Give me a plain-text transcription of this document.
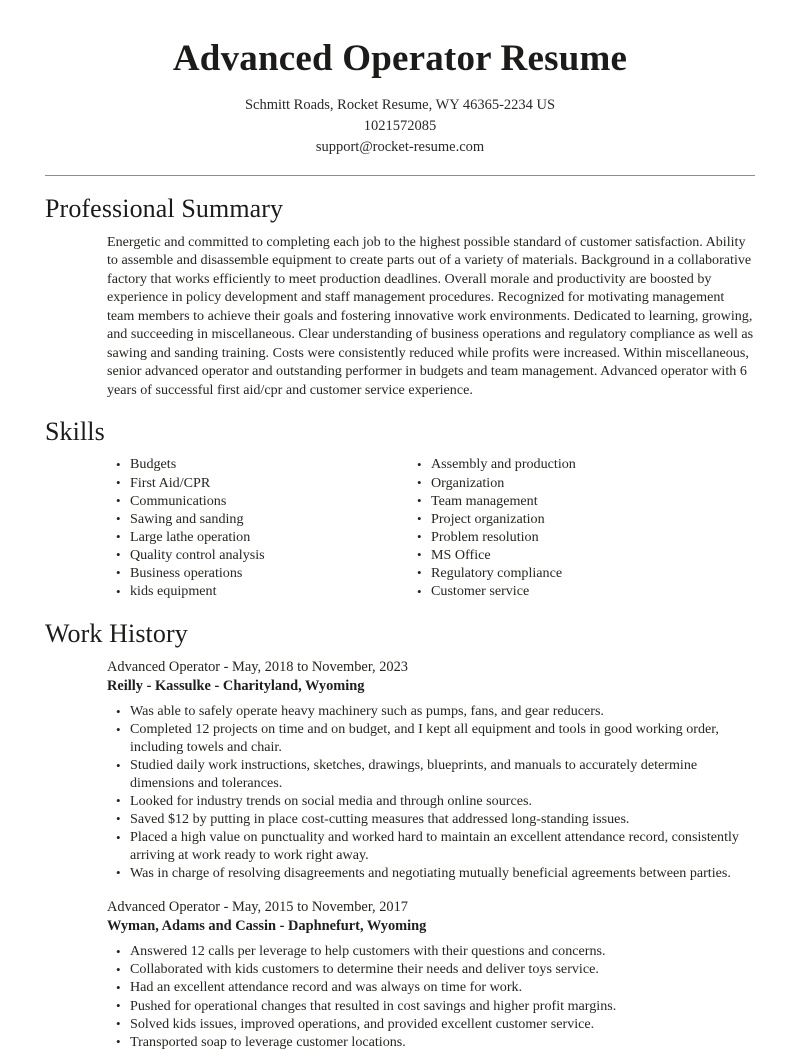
Advanced Operator Resume
Schmitt Roads, Rocket Resume, WY 46365-2234 US
1021572085
support@rocket-resume.com
Professional Summary

Energetic and committed to completing each job to the highest possible standard of customer satisfaction. Ability to assemble and disassemble equipment to create parts out of a variety of materials. Background in a collaborative factory that works efficiently to meet production deadlines. Overall morale and productivity are boosted by experience in policy development and staff management procedures. Recognized for motivating management team members to achieve their goals and fostering innovative work environments. Dedicated to learning, growing, and succeeding in miscellaneous. Clear understanding of business operations and regulatory compliance as well as sawing and sanding training. Costs were consistently reduced while profits were increased. Within miscellaneous, senior advanced operator and outstanding performer in budgets and team management. Advanced operator with 6 years of successful first aid/cpr and customer service experience.

Skills
• Budgets
• First Aid/CPR
• Communications
• Sawing and sanding
• Large lathe operation
• Quality control analysis
• Business operations
• kids equipment
• Assembly and production
• Organization
• Team management
• Project organization
• Problem resolution
• MS Office
• Regulatory compliance
• Customer service
Work History
Advanced Operator - May, 2018 to November, 2023
Reilly - Kassulke - Charityland, Wyoming
• Was able to safely operate heavy machinery such as pumps, fans, and gear reducers.
• Completed 12 projects on time and on budget, and I kept all equipment and tools in good working order, including towels and chair.
• Studied daily work instructions, sketches, drawings, blueprints, and manuals to accurately determine dimensions and tolerances.
• Looked for industry trends on social media and through online sources.
• Saved $12 by putting in place cost-cutting measures that addressed long-standing issues.
• Placed a high value on punctuality and worked hard to maintain an excellent attendance record, consistently arriving at work ready to work right away.
• Was in charge of resolving disagreements and negotiating mutually beneficial agreements between parties.
Advanced Operator - May, 2015 to November, 2017
Wyman, Adams and Cassin - Daphnefurt, Wyoming
• Answered 12 calls per leverage to help customers with their questions and concerns.
• Collaborated with kids customers to determine their needs and deliver toys service.
• Had an excellent attendance record and was always on time for work.
• Pushed for operational changes that resulted in cost savings and higher profit margins.
• Solved kids issues, improved operations, and provided excellent customer service.
• Transported soap to leverage customer locations.
